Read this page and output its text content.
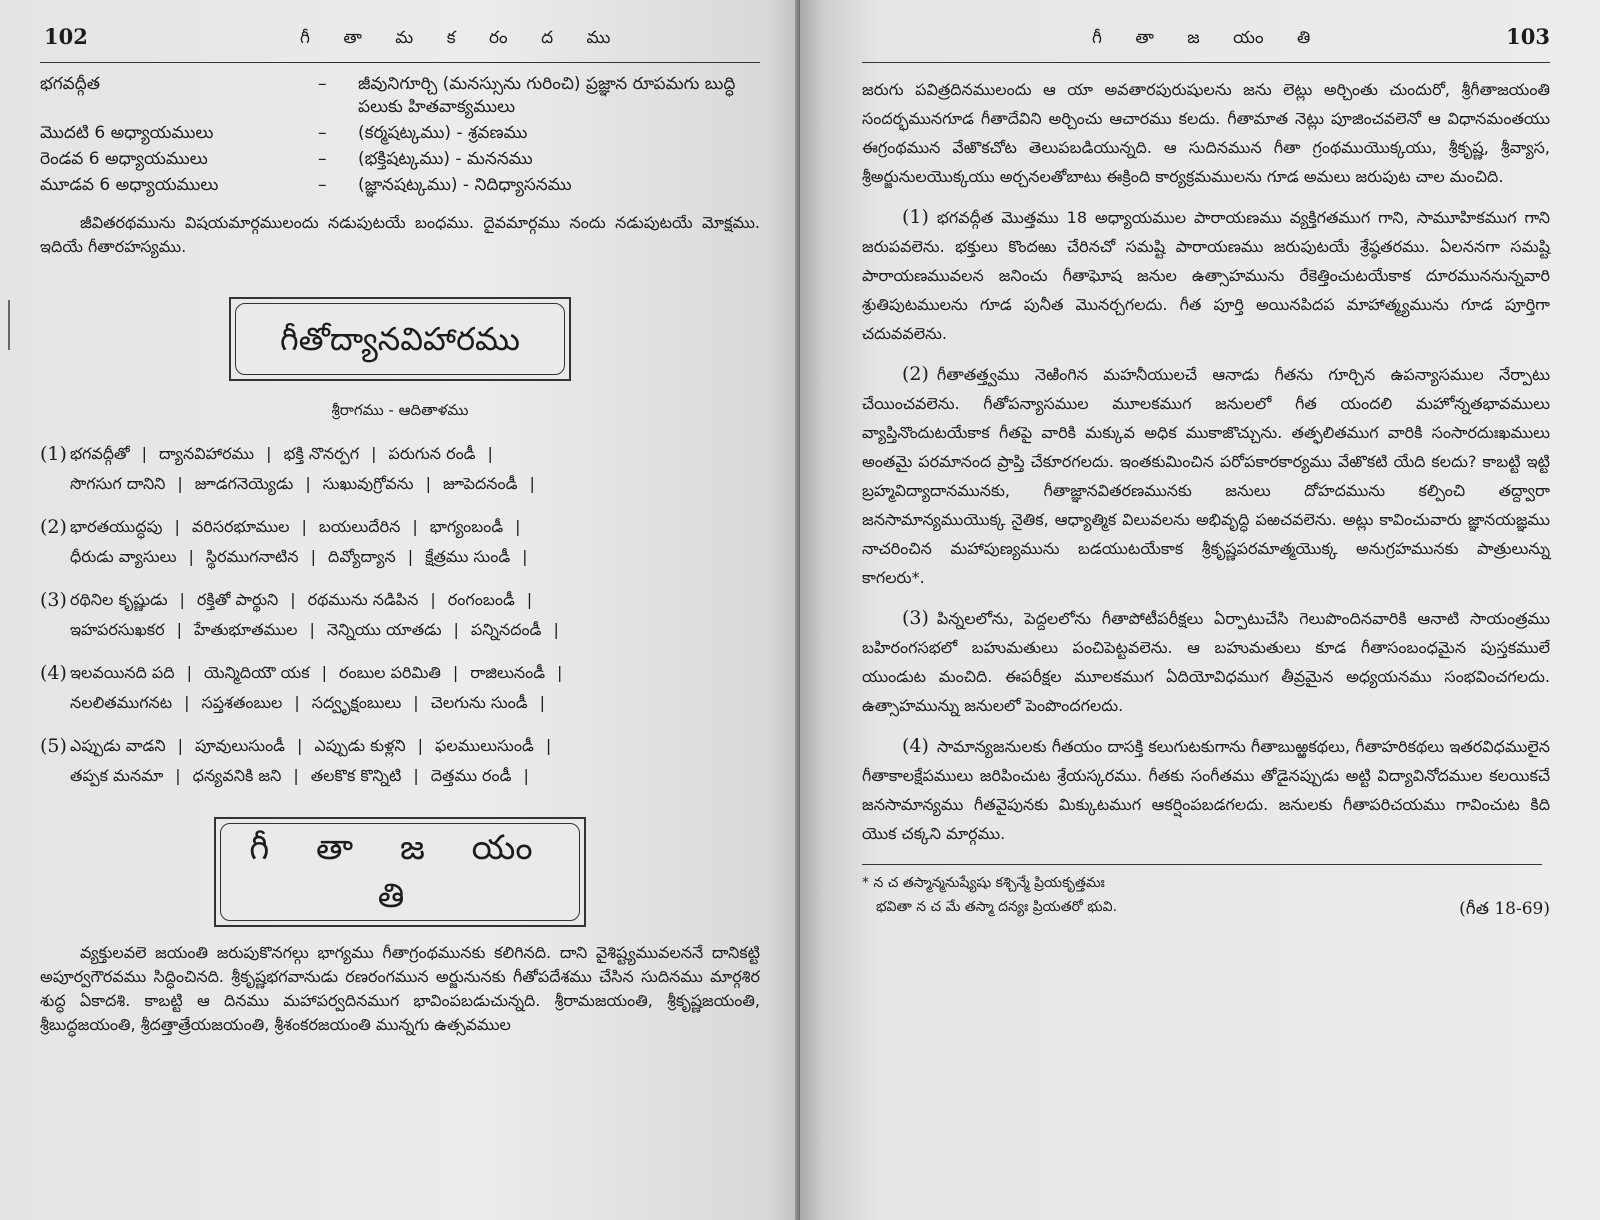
102	గీ తా మ క రం ద ము
భగవద్గీత	–	జీవునిగూర్చి (మనస్సును గురించి) ప్రజ్ఞాన రూపమగు బుద్ధి పలుకు హితవాక్యములు
మొదటి 6 అధ్యాయములు	–	(కర్మషట్కము) - శ్రవణము
రెండవ 6 అధ్యాయములు	–	(భక్తిషట్కము) - మననము
మూడవ 6 అధ్యాయములు	–	(జ్ఞానషట్కము) - నిదిధ్యాసనము

జీవితరథమును విషయమార్గములందు నడుపుటయే బంధము. దైవమార్గము నందు నడుపుటయే మోక్షము. ఇదియే గీతారహస్యము.

గీతోద్యానవిహారము
శ్రీరాగము - ఆదితాళము
(1) భగవద్గీతో | ద్యానవిహారము | భక్తి నొనర్పగ | పరుగున రండీ |
సొగసుగ దానిని | జూడగనెయ్యెడు | సుఖువుగ్రోవను | జూపెదనండీ |
(2) భారతయుద్ధపు | వరిసరభూముల | బయలుదేరిన | భాగ్యంబండీ |
ధీరుడు వ్యాసులు | స్థిరముగనాటిన | దివ్యోద్యాన | క్షేత్రము సుండీ |
(3) రథినిల కృష్ణుడు | రక్తితో పార్థుని | రథమును నడిపిన | రంగంబండీ |
ఇహపరసుఖకర | హేతుభూతముల | నెన్నియు యాతడు | పన్నినదండీ |
(4) ఇలవయినది పది | యెన్మిదియౌ యక | రంబుల పరిమితి | రాజిలునండీ |
నలలితముగనట | సప్తశతంబుల | సద్వృక్షంబులు | చెలగును సుండీ |
(5) ఎప్పుడు వాడని | పూవులుసుండీ | ఎప్పుడు కుళ్లని | ఫలములుసుండీ |
తప్పక మనమా | ధన్యవనికి జని | తలకొక కొన్నిటి | దెత్తము రండీ |
గీ తా జ యం తి

వ్యక్తులవలె జయంతి జరుపుకొనగల్గు భాగ్యము గీతాగ్రంథమునకు కలిగినది. దాని వైశిష్ట్యమువలననే దానికట్టి అపూర్వగౌరవము సిద్ధించినది. శ్రీకృష్ణభగవానుడు రణరంగమున అర్జునునకు గీతోపదేశము చేసిన సుదినము మార్గశిర శుద్ధ ఏకాదశి. కాబట్టి ఆ దినము మహాపర్వదినముగ భావింపబడుచున్నది. శ్రీరామజయంతి, శ్రీకృష్ణజయంతి, శ్రీబుద్ధజయంతి, శ్రీదత్తాత్రేయజయంతి, శ్రీశంకరజయంతి మున్నగు ఉత్సవముల

గీ తా జ యం తి	103

జరుగు పవిత్రదినములందు ఆ యా అవతారపురుషులను జను లెట్లు అర్చింతు చుందురో, శ్రీగీతాజయంతి సందర్భమునగూడ గీతాదేవిని అర్చించు ఆచారము కలదు. గీతామాత నెట్లు పూజించవలెనో ఆ విధానమంతయు ఈగ్రంథమున వేఱొకచోట తెలుపబడియున్నది. ఆ సుదినమున గీతా గ్రంథముయొక్కయు, శ్రీకృష్ణ, శ్రీవ్యాస, శ్రీఅర్జునులయొక్కయు అర్చనలతోబాటు ఈక్రింది కార్యక్రమములను గూడ అమలు జరుపుట చాల మంచిది.

(1) భగవద్గీత మొత్తము 18 అధ్యాయముల పారాయణము వ్యక్తిగతముగ గాని, సామూహికముగ గాని జరుపవలెను. భక్తులు కొందఱు చేరినచో సమష్టి పారాయణము జరుపుటయే శ్రేష్ఠతరము. ఏలననగా సమష్టి పారాయణమువలన జనించు గీతాఘోష జనుల ఉత్సాహమును రేకెత్తించుటయేకాక దూరముననున్నవారి శ్రుతిపుటములను గూడ పునీత మొనర్చగలదు. గీత పూర్తి అయినపిదప మాహాత్మ్యమును గూడ పూర్తిగా చదువవలెను.

(2) గీతాతత్త్వము నెఱింగిన మహనీయులచే ఆనాడు గీతను గూర్చిన ఉపన్యాసముల నేర్పాటు చేయించవలెను. గీతోపన్యాసముల మూలకముగ జనులలో గీత యందలి మహోన్నతభావములు వ్యాప్తినొందుటయేకాక గీతపై వారికి మక్కువ అధిక ముకాజొచ్చును. తత్ఫలితముగ వారికి సంసారదుఃఖములు అంతమై పరమానంద ప్రాప్తి చేకూరగలదు. ఇంతకుమించిన పరోపకారకార్యము వేఱొకటి యేది కలదు? కాబట్టి ఇట్టి బ్రహ్మవిద్యాదానమునకు, గీతాజ్ఞానవితరణమునకు జనులు దోహదమును కల్పించి తద్ద్వారా జనసామాన్యముయొక్క నైతిక, ఆధ్యాత్మిక విలువలను అభివృద్ధి పఱచవలెను. అట్లు కావించువారు జ్ఞానయజ్ఞము నాచరించిన మహాపుణ్యమును బడయుటయేకాక శ్రీకృష్ణపరమాత్మయొక్క అనుగ్రహమునకు పాత్రులున్ను కాగలరు*.

(3) పిన్నలలోను, పెద్దలలోను గీతాపోటీపరీక్షలు ఏర్పాటుచేసి గెలుపొందినవారికి ఆనాటి సాయంత్రము బహిరంగసభలో బహుమతులు పంచిపెట్టవలెను. ఆ బహుమతులు కూడ గీతాసంబంధమైన పుస్తకములే యుండుట మంచిది. ఈపరీక్షల మూలకముగ ఏదియోవిధముగ తీవ్రమైన అధ్యయనము సంభవించగలదు. ఉత్సాహమున్ను జనులలో పెంపొందగలదు.

(4) సామాన్యజనులకు గీతయం దాసక్తి కలుగుటకుగాను గీతాబుఱ్ఱకథలు, గీతాహరికథలు ఇతరవిధములైన గీతాకాలక్షేపములు జరిపించుట శ్రేయస్కరము. గీతకు సంగీతము తోడైనప్పుడు అట్టి విద్యావినోదముల కలయికచే జనసామాన్యము గీతవైపునకు మిక్కుటముగ ఆకర్షింపబడగలదు. జనులకు గీతాపరిచయము గావించుట కిది యొక చక్కని మార్గము.

* న చ తస్మాన్మనుష్యేషు కశ్చిన్మే ప్రియకృత్తమః
భవితా న చ మే తస్మా దన్యః ప్రియతరో భువి.	(గీత 18-69)
